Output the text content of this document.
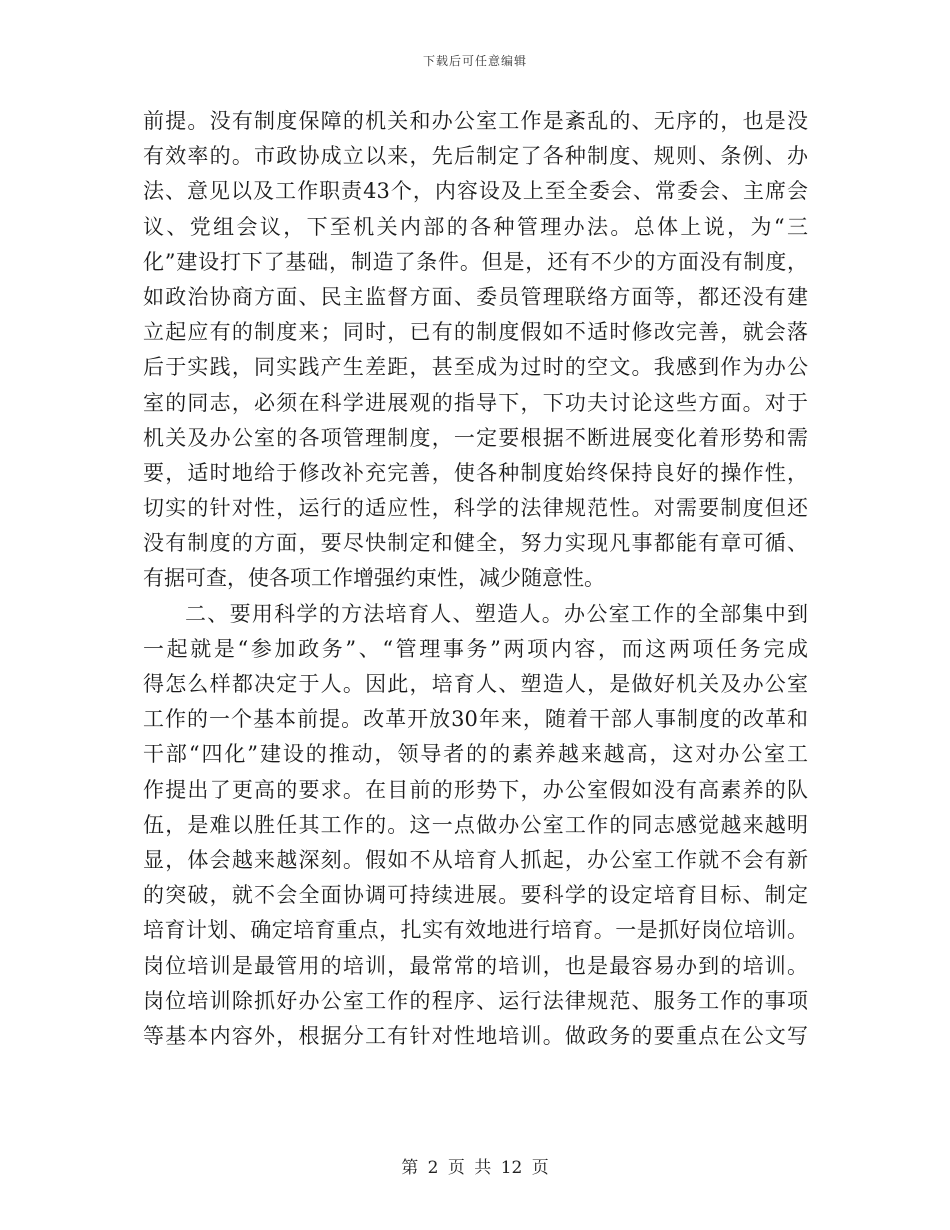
下载后可任意编辑
前提。没有制度保障的机关和办公室工作是紊乱的、无序的，也是没
有效率的。市政协成立以来，先后制定了各种制度、规则、条例、办
法、意见以及工作职责43个，内容设及上至全委会、常委会、主席会
议、党组会议，下至机关内部的各种管理办法。总体上说，为“三
化”建设打下了基础，制造了条件。但是，还有不少的方面没有制度，
如政治协商方面、民主监督方面、委员管理联络方面等，都还没有建
立起应有的制度来；同时，已有的制度假如不适时修改完善，就会落
后于实践，同实践产生差距，甚至成为过时的空文。我感到作为办公
室的同志，必须在科学进展观的指导下，下功夫讨论这些方面。对于
机关及办公室的各项管理制度，一定要根据不断进展变化着形势和需
要，适时地给于修改补充完善，使各种制度始终保持良好的操作性，
切实的针对性，运行的适应性，科学的法律规范性。对需要制度但还
没有制度的方面，要尽快制定和健全，努力实现凡事都能有章可循、
有据可查，使各项工作增强约束性，减少随意性。
二、要用科学的方法培育人、塑造人。办公室工作的全部集中到
一起就是“参加政务”、“管理事务”两项内容，而这两项任务完成
得怎么样都决定于人。因此，培育人、塑造人，是做好机关及办公室
工作的一个基本前提。改革开放30年来，随着干部人事制度的改革和
干部“四化”建设的推动，领导者的的素养越来越高，这对办公室工
作提出了更高的要求。在目前的形势下，办公室假如没有高素养的队
伍，是难以胜任其工作的。这一点做办公室工作的同志感觉越来越明
显，体会越来越深刻。假如不从培育人抓起，办公室工作就不会有新
的突破，就不会全面协调可持续进展。要科学的设定培育目标、制定
培育计划、确定培育重点，扎实有效地进行培育。一是抓好岗位培训。
岗位培训是最管用的培训，最常常的培训，也是最容易办到的培训。
岗位培训除抓好办公室工作的程序、运行法律规范、服务工作的事项
等基本内容外，根据分工有针对性地培训。做政务的要重点在公文写
第 2 页 共 12 页
